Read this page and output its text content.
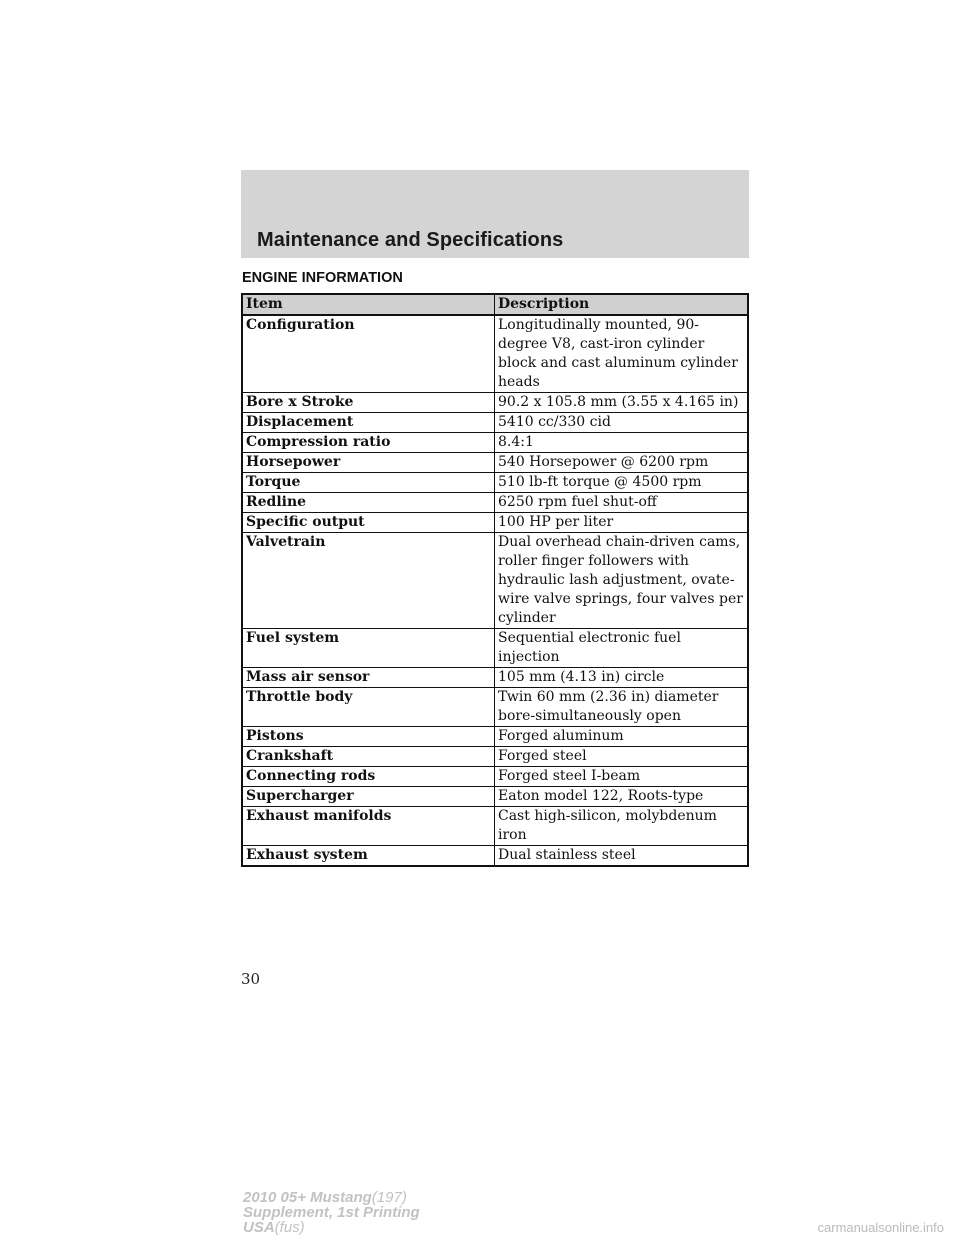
Maintenance and Specifications
ENGINE INFORMATION
Item	Description
Configuration	Longitudinally mounted, 90-degree V8, cast-iron cylinder block and cast aluminum cylinder heads
Bore x Stroke	90.2 x 105.8 mm (3.55 x 4.165 in)
Displacement	5410 cc/330 cid
Compression ratio	8.4:1
Horsepower	540 Horsepower @ 6200 rpm
Torque	510 lb-ft torque @ 4500 rpm
Redline	6250 rpm fuel shut-off
Specific output	100 HP per liter
Valvetrain	Dual overhead chain-driven cams, roller finger followers with hydraulic lash adjustment, ovate-wire valve springs, four valves per cylinder
Fuel system	Sequential electronic fuel injection
Mass air sensor	105 mm (4.13 in) circle
Throttle body	Twin 60 mm (2.36 in) diameter bore-simultaneously open
Pistons	Forged aluminum
Crankshaft	Forged steel
Connecting rods	Forged steel I-beam
Supercharger	Eaton model 122, Roots-type
Exhaust manifolds	Cast high-silicon, molybdenum iron
Exhaust system	Dual stainless steel
30
2010 05+ Mustang(197)
Supplement, 1st Printing
USA(fus)	carmanualsonline.info
